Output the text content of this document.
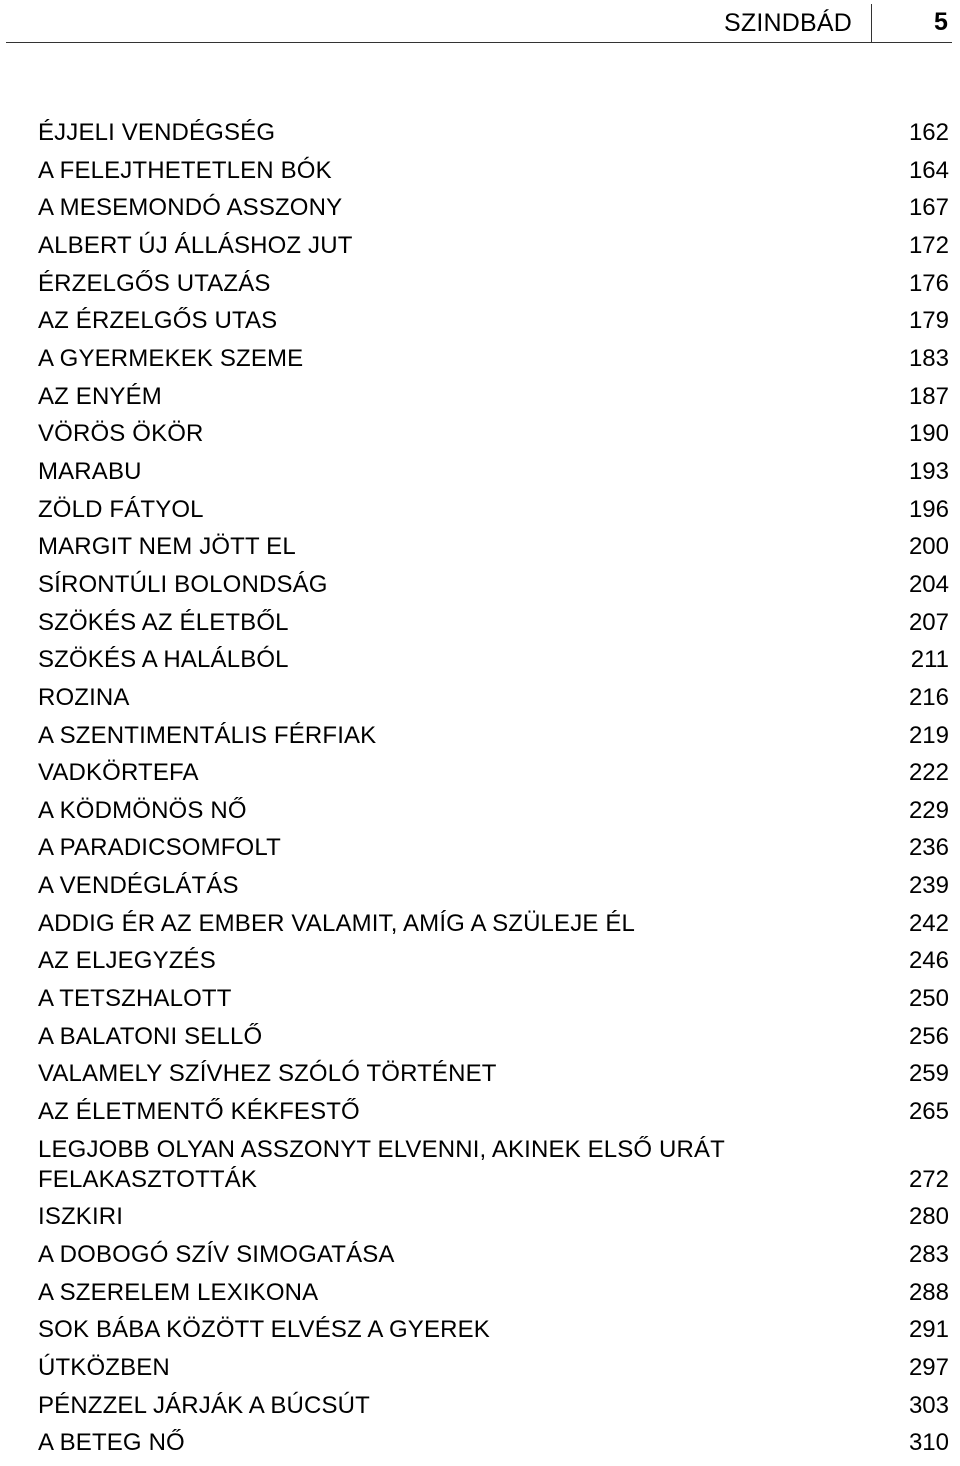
SZINDBÁD	5
ÉJJELI VENDÉGSÉG	162
A FELEJTHETETLEN BÓK	164
A MESEMONDÓ ASSZONY	167
ALBERT ÚJ ÁLLÁSHOZ JUT	172
ÉRZELGŐS UTAZÁS	176
AZ ÉRZELGŐS UTAS	179
A GYERMEKEK SZEME	183
AZ ENYÉM	187
VÖRÖS ÖKÖR	190
MARABU	193
ZÖLD FÁTYOL	196
MARGIT NEM JÖTT EL	200
SÍRONTÚLI BOLONDSÁG	204
SZÖKÉS AZ ÉLETBŐL	207
SZÖKÉS A HALÁLBÓL	211
ROZINA	216
A SZENTIMENTÁLIS FÉRFIAK	219
VADKÖRTEFA	222
A KÖDMÖNÖS NŐ	229
A PARADICSOMFOLT	236
A VENDÉGLÁTÁS	239
ADDIG ÉR AZ EMBER VALAMIT, AMÍG A SZÜLEJE ÉL	242
AZ ELJEGYZÉS	246
A TETSZHALOTT	250
A BALATONI SELLŐ	256
VALAMELY SZÍVHEZ SZÓLÓ TÖRTÉNET	259
AZ ÉLETMENTŐ KÉKFESTŐ	265
LEGJOBB OLYAN ASSZONYT ELVENNI, AKINEK ELSŐ URÁT FELAKASZTOTTÁK	272
ISZKIRI	280
A DOBOGÓ SZÍV SIMOGATÁSA	283
A SZERELEM LEXIKONA	288
SOK BÁBA KÖZÖTT ELVÉSZ A GYEREK	291
ÚTKÖZBEN	297
PÉNZZEL JÁRJÁK A BÚCSÚT	303
A BETEG NŐ	310
